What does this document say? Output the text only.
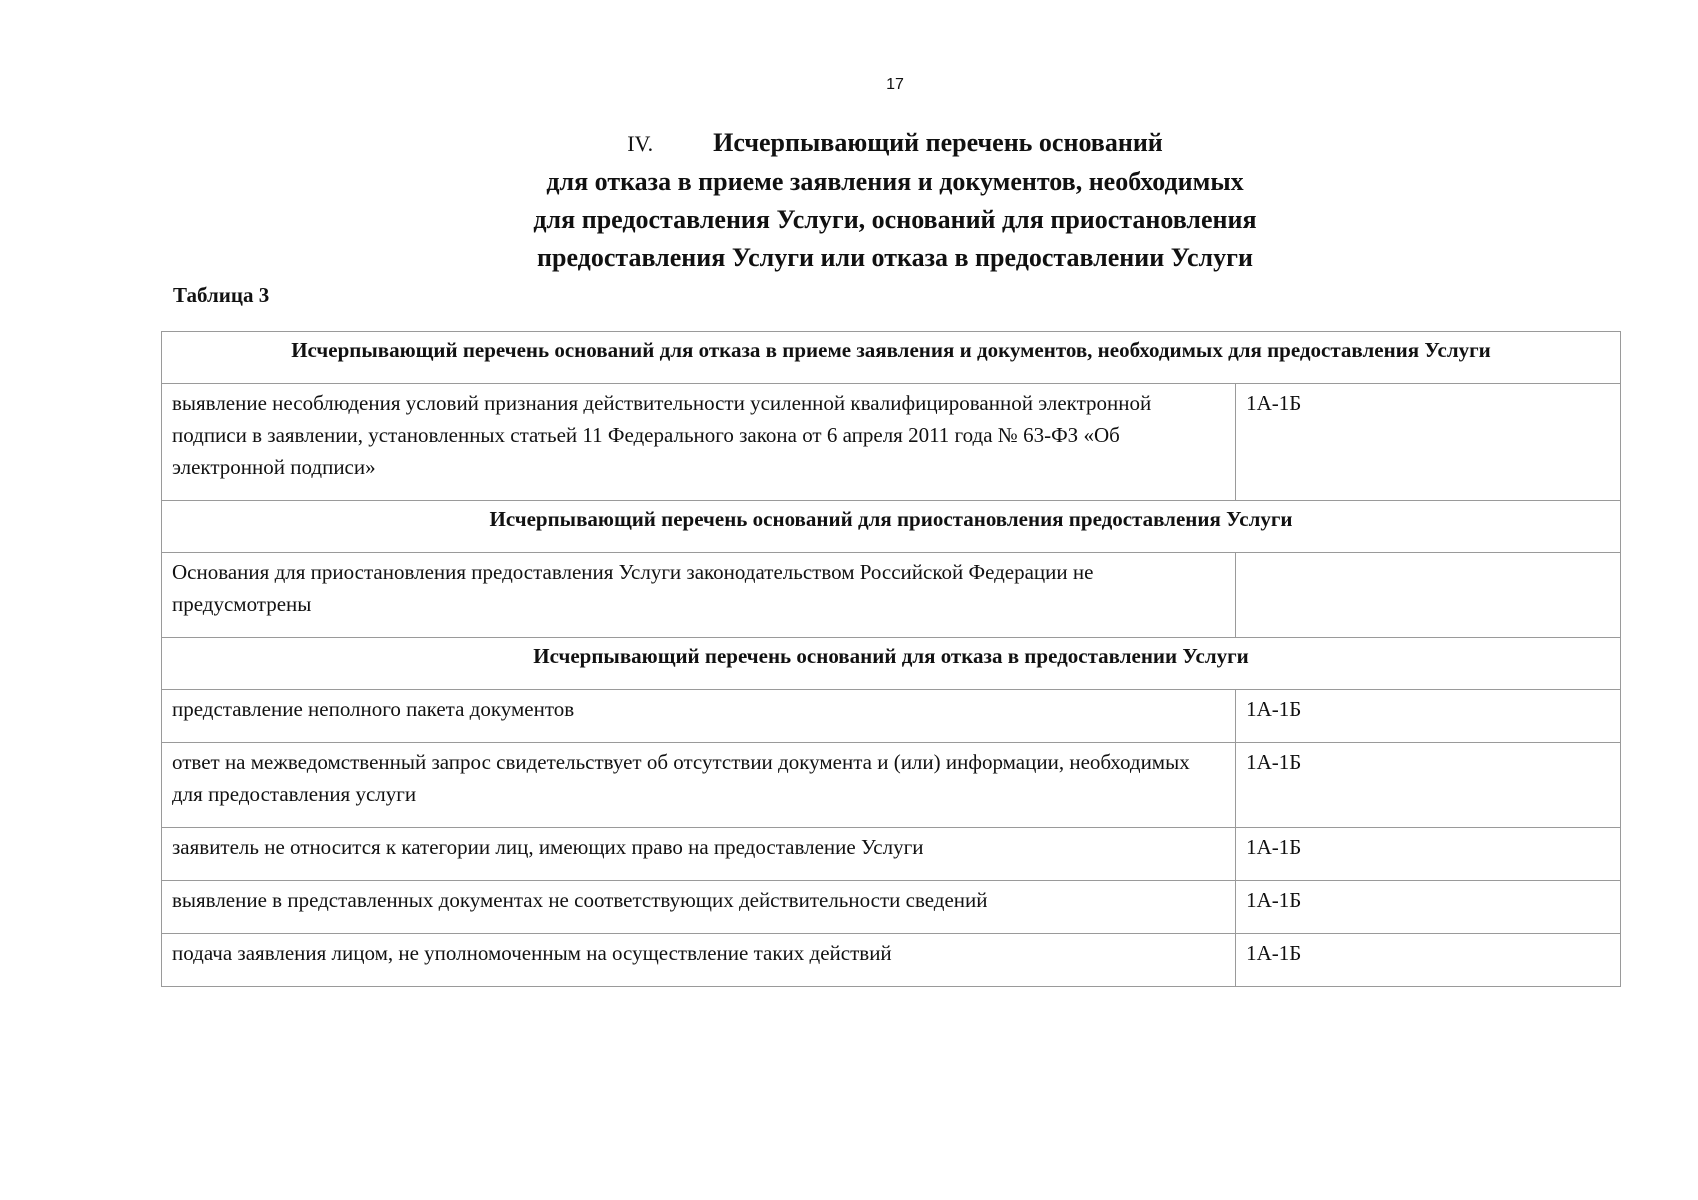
17
IV. Исчерпывающий перечень оснований
для отказа в приеме заявления и документов, необходимых
для предоставления Услуги, оснований для приостановления
предоставления Услуги или отказа в предоставлении Услуги
Таблица 3
Исчерпывающий перечень оснований для отказа в приеме заявления и документов, необходимых для предоставления Услуги	
выявление несоблюдения условий признания действительности усиленной квалифицированной электронной подписи в заявлении, установленных статьей 11 Федерального закона от 6 апреля 2011 года № 63-ФЗ «Об электронной подписи»	1А-1Б
Исчерпывающий перечень оснований для приостановления предоставления Услуги	
Основания для приостановления предоставления Услуги законодательством Российской Федерации не предусмотрены	
Исчерпывающий перечень оснований для отказа в предоставлении Услуги	
представление неполного пакета документов	1А-1Б
ответ на межведомственный запрос свидетельствует об отсутствии документа и (или) информации, необходимых для предоставления услуги	1А-1Б
заявитель не относится к категории лиц, имеющих право на предоставление Услуги	1А-1Б
выявление в представленных документах не соответствующих действительности сведений	1А-1Б
подача заявления лицом, не уполномоченным на осуществление таких действий	1А-1Б
